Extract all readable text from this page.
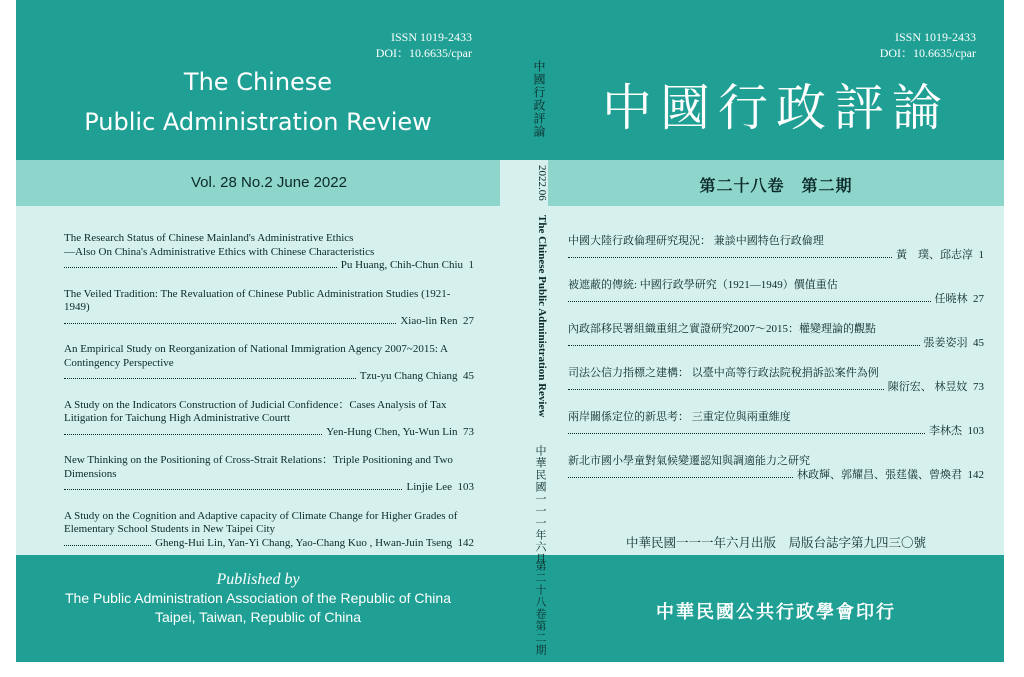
ISSN 1019-2433
DOI：10.6635/cpar
The Chinese
Public Administration Review
Vol. 28 No.2 June 2022
The Research Status of Chinese Mainland's Administrative Ethics
—Also On China's Administrative Ethics with Chinese Characteristics
Pu Huang, Chih-Chun Chiu
1
The Veiled Tradition: The Revaluation of Chinese Public Administration Studies (1921-1949)
Xiao-lin Ren
27
An Empirical Study on Reorganization of National Immigration Agency 2007~2015: A
Contingency Perspective
Tzu-yu Chang Chiang
45
A Study on the Indicators Construction of Judicial Confidence：Cases Analysis of Tax
Litigation for Taichung High Administrative Courtt
Yen-Hung Chen, Yu-Wun Lin
73
New Thinking on the Positioning of Cross-Strait Relations：Triple Positioning and Two
Dimensions
Linjie Lee
103
A Study on the Cognition and Adaptive capacity of Climate Change for Higher Grades of
Elementary School Students in New Taipei City
Gheng-Hui Lin, Yan-Yi Chang, Yao-Chang Kuo , Hwan-Juin Tseng
142
Published by
The Public Administration Association of the Republic of China
Taipei, Taiwan, Republic of China
中國行政評論
2022.06
The Chinese Public Administration Review
中華民國一一一年六月
第二十八卷第二期
ISSN 1019-2433
DOI：10.6635/cpar
中國行政評論
第二十八卷　第二期
中國大陸行政倫理研究現況： 兼談中國特色行政倫理
黃　璞、邱志淳
1
被遮蔽的傳統: 中國行政學研究（1921—1949）價值重估
任曉林
27
內政部移民署組織重組之實證研究2007～2015：權變理論的觀點
張姜姿羽
45
司法公信力指標之建構： 以臺中高等行政法院稅捐訴訟案件為例
陳衍宏、 林昱妏
73
兩岸關係定位的新思考： 三重定位與兩重維度
李林杰
103
新北市國小學童對氣候變遷認知與調適能力之研究
林政輝、郭耀昌、張莛儀、曾煥君
142
中華民國一一一年六月出版　局版台誌字第九四三〇號
中華民國公共行政學會印行
